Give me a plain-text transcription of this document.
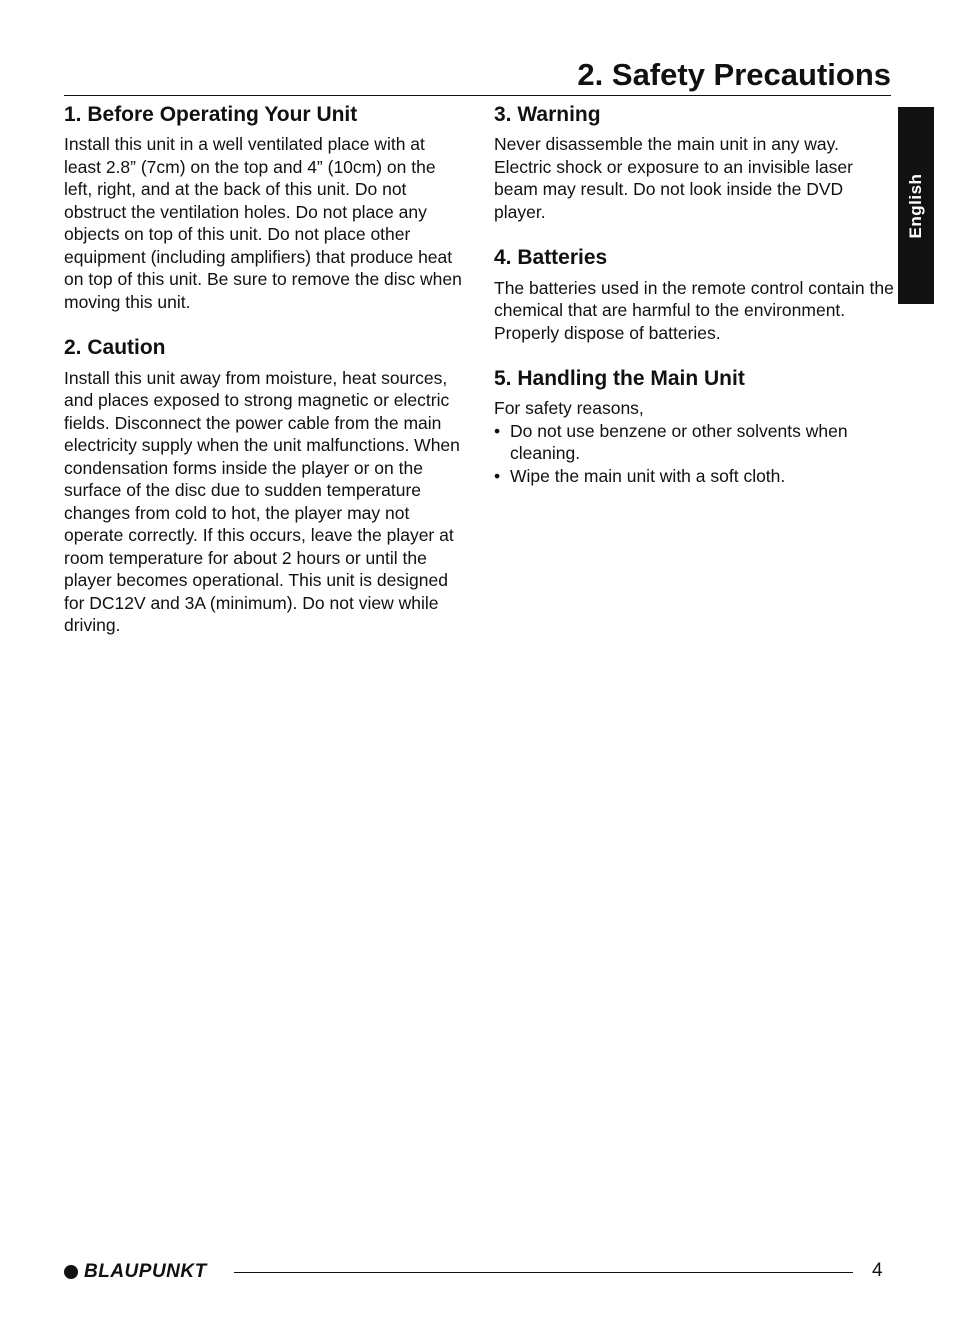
2. Safety Precautions
English
1. Before Operating Your Unit

Install this unit in a well ventilated place with at least 2.8” (7cm) on the top and 4” (10cm) on the left, right, and at the back of this unit. Do not obstruct the ventilation holes. Do not place any objects on top of this unit. Do not place other equipment (including amplifiers) that produce heat on top of this unit. Be sure to remove the disc when moving this unit.

2. Caution

Install this unit away from moisture, heat sources, and places exposed to strong magnetic or electric fields. Disconnect the power cable from the main electricity supply when the unit malfunctions. When condensation forms inside the player or on the surface of the disc due to sudden temperature changes from cold to hot, the player may not operate correctly. If this occurs, leave the player at room temperature for about 2 hours or until the player becomes operational. This unit is designed for DC12V and 3A (minimum). Do not view while driving.

3. Warning

Never disassemble the main unit in any way. Electric shock or exposure to an invisible laser beam may result. Do not look inside the DVD player.

4. Batteries

The batteries used in the remote control contain the chemical that are harmful to the environment. Properly dispose of batteries.

5. Handling the Main Unit

For safety reasons,

• Do not use benzene or other solvents when cleaning.
• Wipe the main unit with a soft cloth.
BLAUPUNKT	4
